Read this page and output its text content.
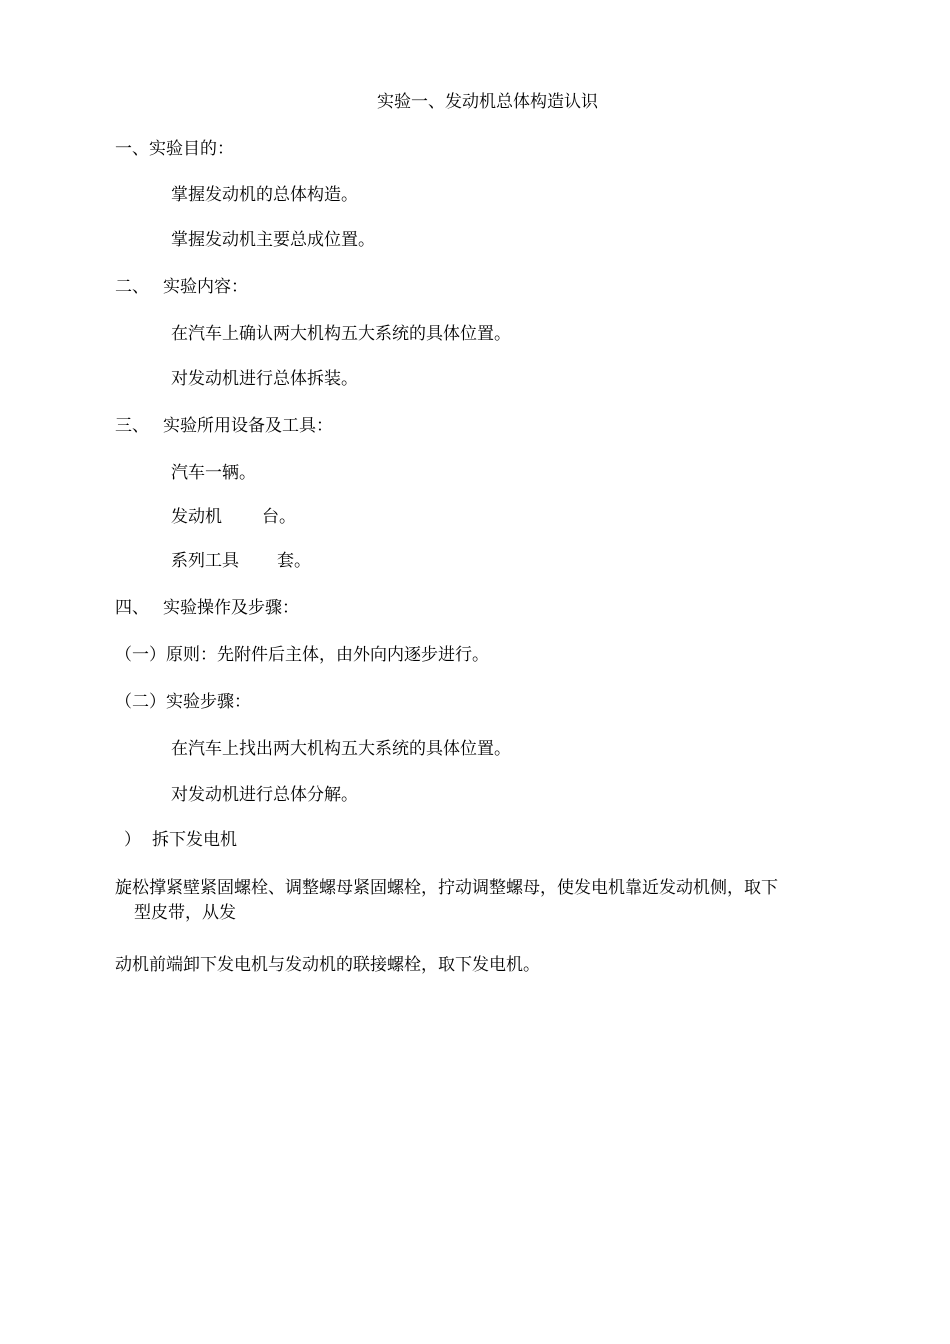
实验一、发动机总体构造认识
一、实验目的：
掌握发动机的总体构造。
掌握发动机主要总成位置。
二、 实验内容：
在汽车上确认两大机构五大系统的具体位置。
对发动机进行总体拆装。
三、 实验所用设备及工具：
汽车一辆。
发动机 台。
系列工具 套。
四、 实验操作及步骤：
（一）原则：先附件后主体，由外向内逐步进行。
（二）实验步骤：
在汽车上找出两大机构五大系统的具体位置。
对发动机进行总体分解。
） 拆下发电机
旋松撑紧壁紧固螺栓、调整螺母紧固螺栓，拧动调整螺母，使发电机靠近发动机侧，取下
型皮带，从发
动机前端卸下发电机与发动机的联接螺栓，取下发电机。
